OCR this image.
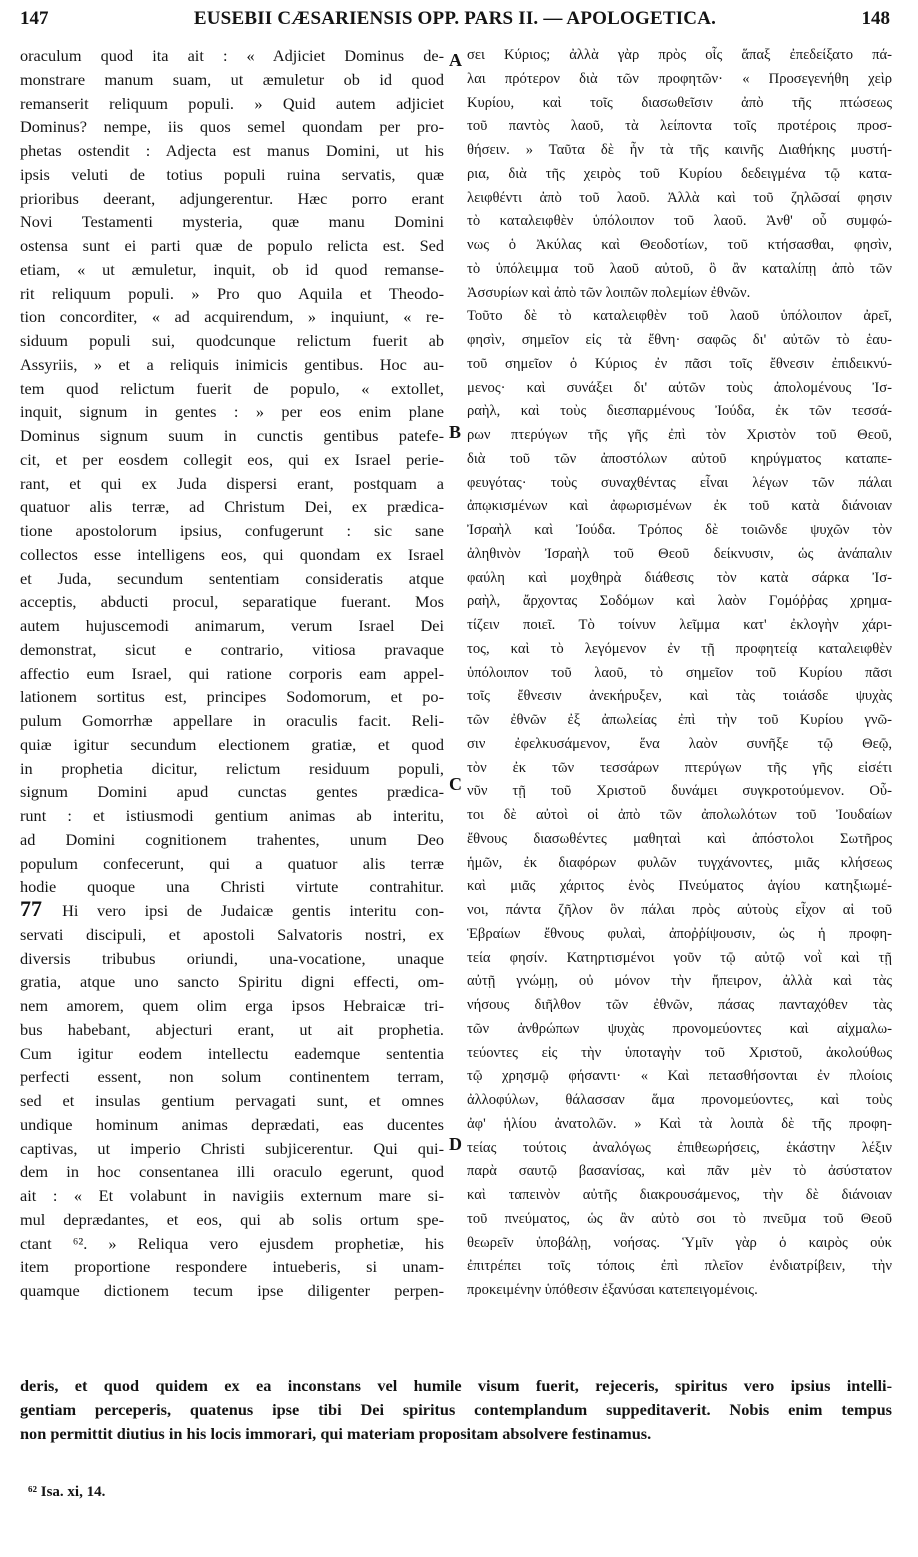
147	EUSEBII CÆSARIENSIS OPP. PARS II. — APOLOGETICA.	148
oraculum quod ita ait : « Adjiciet Dominus de-
monstrare manum suam, ut æmuletur ob id quod
remanserit reliquum populi. » Quid autem adjiciet
Dominus? nempe, iis quos semel quondam per pro-
phetas ostendit : Adjecta est manus Domini, ut his
ipsis veluti de totius populi ruina servatis, quæ
prioribus deerant, adjungerentur. Hæc porro erant
Novi Testamenti mysteria, quæ manu Domini
ostensa sunt ei parti quæ de populo relicta est. Sed
etiam, « ut æmuletur, inquit, ob id quod remanse-
rit reliquum populi. » Pro quo Aquila et Theodo-
tion concorditer, « ad acquirendum, » inquiunt, « re-
siduum populi sui, quodcunque relictum fuerit ab
Assyriis, » et a reliquis inimicis gentibus. Hoc au-
tem quod relictum fuerit de populo, « extollet,
inquit, signum in gentes : » per eos enim plane
Dominus signum suum in cunctis gentibus patefe-
cit, et per eosdem collegit eos, qui ex Israel perie-
rant, et qui ex Juda dispersi erant, postquam a
quatuor alis terræ, ad Christum Dei, ex prædica-
tione apostolorum ipsius, confugerunt : sic sane
collectos esse intelligens eos, qui quondam ex Israel
et Juda, secundum sententiam consideratis atque
acceptis, abducti procul, separatique fuerant. Mos
autem hujuscemodi animarum, verum Israel Dei
demonstrat, sicut e contrario, vitiosa pravaque
affectio eum Israel, qui ratione corporis eam appel-
lationem sortitus est, principes Sodomorum, et po-
pulum Gomorrhæ appellare in oraculis facit. Reli-
quiæ igitur secundum electionem gratiæ, et quod
in prophetia dicitur, relictum residuum populi,
signum Domini apud cunctas gentes prædica-
runt : et istiusmodi gentium animas ab interitu,
ad Domini cognitionem trahentes, unum Deo
populum confecerunt, qui a quatuor alis terræ
hodie quoque una Christi virtute contrahitur.
77 Hi vero ipsi de Judaicæ gentis interitu con-
servati discipuli, et apostoli Salvatoris nostri, ex
diversis tribubus oriundi, una-vocatione, unaque
gratia, atque uno sancto Spiritu digni effecti, om-
nem amorem, quem olim erga ipsos Hebraicæ tri-
bus habebant, abjecturi erant, ut ait prophetia.
Cum igitur eodem intellectu eademque sententia
perfecti essent, non solum continentem terram,
sed et insulas gentium pervagati sunt, et omnes
undique hominum animas deprædati, eas ducentes
captivas, ut imperio Christi subjicerentur. Qui qui-
dem in hoc consentanea illi oraculo egerunt, quod
ait : « Et volabunt in navigiis externum mare si-
mul deprædantes, et eos, qui ab solis ortum spe-
ctant ⁶². » Reliqua vero ejusdem prophetiæ, his
item proportione respondere intueberis, si unam-
quamque dictionem tecum ipse diligenter perpen-
A
B
C
D
σει Κύριος; ἀλλὰ γὰρ πρὸς οἷς ἅπαξ ἐπεδείξατο πά-
λαι πρότερον διὰ τῶν προφητῶν· « Προσεγενήθη χεὶρ
Κυρίου, καὶ τοῖς διασωθεῖσιν ἀπὸ τῆς πτώσεως
τοῦ παντὸς λαοῦ, τὰ λείποντα τοῖς προτέροις προσ-
θήσειν. » Ταῦτα δὲ ἦν τὰ τῆς καινῆς Διαθήκης μυστή-
ρια, διὰ τῆς χειρὸς τοῦ Κυρίου δεδειγμένα τῷ κατα-
λειφθέντι ἀπὸ τοῦ λαοῦ. Ἀλλὰ καὶ τοῦ ζηλῶσαί φησιν
τὸ καταλειφθὲν ὑπόλοιπον τοῦ λαοῦ. Ἀνθ' οὗ συμφώ-
νως ὁ Ἀκύλας καὶ Θεοδοτίων, τοῦ κτήσασθαι, φησὶν,
τὸ ὑπόλειμμα τοῦ λαοῦ αὐτοῦ, ὃ ἂν καταλίπῃ ἀπὸ τῶν
Ἀσσυρίων καὶ ἀπὸ τῶν λοιπῶν πολεμίων ἐθνῶν.
Τοῦτο δὲ τὸ καταλειφθὲν τοῦ λαοῦ ὑπόλοιπον ἀρεῖ,
φησὶν, σημεῖον εἰς τὰ ἔθνη· σαφῶς δι' αὐτῶν τὸ ἑαυ-
τοῦ σημεῖον ὁ Κύριος ἐν πᾶσι τοῖς ἔθνεσιν ἐπιδεικνύ-
μενος· καὶ συνάξει δι' αὐτῶν τοὺς ἀπολομένους Ἰσ-
ραὴλ, καὶ τοὺς διεσπαρμένους Ἰούδα, ἐκ τῶν τεσσά-
ρων πτερύγων τῆς γῆς ἐπὶ τὸν Χριστὸν τοῦ Θεοῦ,
διὰ τοῦ τῶν ἀποστόλων αὐτοῦ κηρύγματος καταπε-
φευγότας· τοὺς συναχθέντας εἶναι λέγων τῶν πάλαι
ἀπῳκισμένων καὶ ἀφωρισμένων ἐκ τοῦ κατὰ διάνοιαν
Ἰσραὴλ καὶ Ἰούδα. Τρόπος δὲ τοιῶνδε ψυχῶν τὸν
ἀληθινὸν Ἰσραὴλ τοῦ Θεοῦ δείκνυσιν, ὡς ἀνάπαλιν
φαύλη καὶ μοχθηρὰ διάθεσις τὸν κατὰ σάρκα Ἰσ-
ραὴλ, ἄρχοντας Σοδόμων καὶ λαὸν Γομόῤῥας χρημα-
τίζειν ποιεῖ. Τὸ τοίνυν λεῖμμα κατ' ἐκλογὴν χάρι-
τος, καὶ τὸ λεγόμενον ἐν τῇ προφητείᾳ καταλειφθὲν
ὑπόλοιπον τοῦ λαοῦ, τὸ σημεῖον τοῦ Κυρίου πᾶσι
τοῖς ἔθνεσιν ἀνεκήρυξεν, καὶ τὰς τοιάσδε ψυχὰς
τῶν ἐθνῶν ἐξ ἀπωλείας ἐπὶ τὴν τοῦ Κυρίου γνῶ-
σιν ἐφελκυσάμενον, ἕνα λαὸν συνῆξε τῷ Θεῷ,
τὸν ἐκ τῶν τεσσάρων πτερύγων τῆς γῆς εἰσέτι
νῦν τῇ τοῦ Χριστοῦ δυνάμει συγκροτούμενον. Οὗ-
τοι δὲ αὐτοὶ οἱ ἀπὸ τῶν ἀπολωλότων τοῦ Ἰουδαίων
ἔθνους διασωθέντες μαθηταὶ καὶ ἀπόστολοι Σωτῆρος
ἡμῶν, ἐκ διαφόρων φυλῶν τυγχάνοντες, μιᾶς κλήσεως
καὶ μιᾶς χάριτος ἑνὸς Πνεύματος ἁγίου κατηξιωμέ-
νοι, πάντα ζῆλον ὃν πάλαι πρὸς αὐτοὺς εἶχον αἱ τοῦ
Ἑβραίων ἔθνους φυλαὶ, ἀποῤῥίψουσιν, ὡς ἡ προφη-
τεία φησίν. Κατηρτισμένοι γοῦν τῷ αὐτῷ νοῒ καὶ τῇ
αὐτῇ γνώμῃ, οὐ μόνον τὴν ἤπειρον, ἀλλὰ καὶ τὰς
νήσους διῆλθον τῶν ἐθνῶν, πάσας πανταχόθεν τὰς
τῶν ἀνθρώπων ψυχὰς προνομεύοντες καὶ αἰχμαλω-
τεύοντες εἰς τὴν ὑποταγὴν τοῦ Χριστοῦ, ἀκολούθως
τῷ χρησμῷ φήσαντι· « Καὶ πετασθήσονται ἐν πλοίοις
ἀλλοφύλων, θάλασσαν ἅμα προνομεύοντες, καὶ τοὺς
ἀφ' ἡλίου ἀνατολῶν. » Καὶ τὰ λοιπὰ δὲ τῆς προφη-
τείας τούτοις ἀναλόγως ἐπιθεωρήσεις, ἑκάστην λέξιν
παρὰ σαυτῷ βασανίσας, καὶ πᾶν μὲν τὸ ἀσύστατον
καὶ ταπεινὸν αὐτῆς διακρουσάμενος, τὴν δὲ διάνοιαν
τοῦ πνεύματος, ὡς ἂν αὐτὸ σοι τὸ πνεῦμα τοῦ Θεοῦ
θεωρεῖν ὑποβάλῃ, νοήσας. Ὑμῖν γὰρ ὁ καιρὸς οὐκ
ἐπιτρέπει τοῖς τόποις ἐπὶ πλεῖον ἐνδιατρίβειν, τὴν
προκειμένην ὑπόθεσιν ἐξανύσαι κατεπειγομένοις.
deris, et quod quidem ex ea inconstans vel humile visum fuerit, rejeceris, spiritus vero ipsius intelli-
gentiam perceperis, quatenus ipse tibi Dei spiritus contemplandum suppeditaverit. Nobis enim tempus
non permittit diutius in his locis immorari, qui materiam propositam absolvere festinamus.
⁶² Isa. xi, 14.
